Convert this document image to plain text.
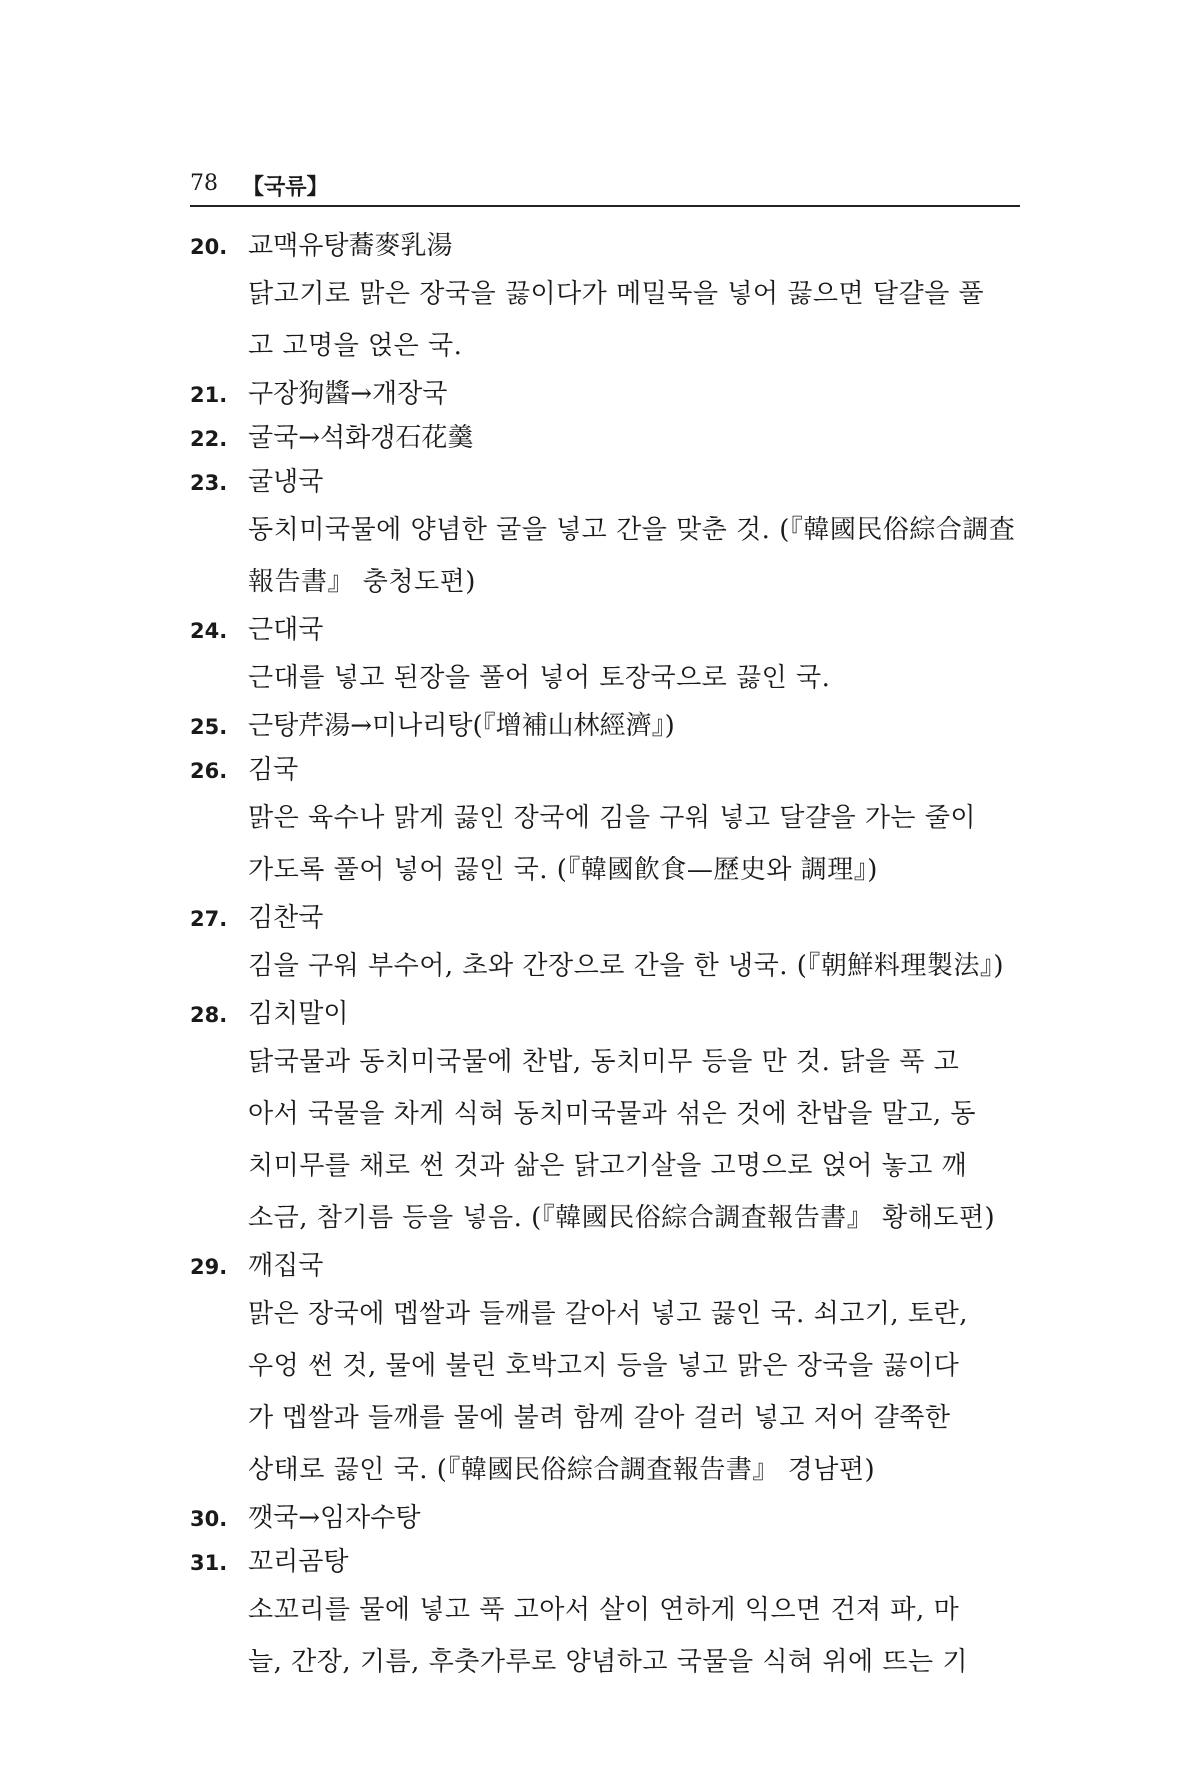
78 【국류】
20. 교맥유탕蕎麥乳湯
닭고기로 맑은 장국을 끓이다가 메밀묵을 넣어 끓으면 달걀을 풀
고 고명을 얹은 국.
21. 구장狗醬→개장국
22. 굴국→석화갱石花羹
23. 굴냉국
동치미국물에 양념한 굴을 넣고 간을 맞춘 것. (『韓國民俗綜合調査
報告書』 충청도편)
24. 근대국
근대를 넣고 된장을 풀어 넣어 토장국으로 끓인 국.
25. 근탕芹湯→미나리탕(『增補山林經濟』)
26. 김국
맑은 육수나 맑게 끓인 장국에 김을 구워 넣고 달걀을 가는 줄이
가도록 풀어 넣어 끓인 국. (『韓國飮食—歷史와 調理』)
27. 김찬국
김을 구워 부수어, 초와 간장으로 간을 한 냉국. (『朝鮮料理製法』)
28. 김치말이
닭국물과 동치미국물에 찬밥, 동치미무 등을 만 것. 닭을 푹 고
아서 국물을 차게 식혀 동치미국물과 섞은 것에 찬밥을 말고, 동
치미무를 채로 썬 것과 삶은 닭고기살을 고명으로 얹어 놓고 깨
소금, 참기름 등을 넣음. (『韓國民俗綜合調査報告書』 황해도편)
29. 깨집국
맑은 장국에 멥쌀과 들깨를 갈아서 넣고 끓인 국. 쇠고기, 토란,
우엉 썬 것, 물에 불린 호박고지 등을 넣고 맑은 장국을 끓이다
가 멥쌀과 들깨를 물에 불려 함께 갈아 걸러 넣고 저어 걀쭉한
상태로 끓인 국. (『韓國民俗綜合調査報告書』 경남편)
30. 깻국→임자수탕
31. 꼬리곰탕
소꼬리를 물에 넣고 푹 고아서 살이 연하게 익으면 건져 파, 마
늘, 간장, 기름, 후춧가루로 양념하고 국물을 식혀 위에 뜨는 기
